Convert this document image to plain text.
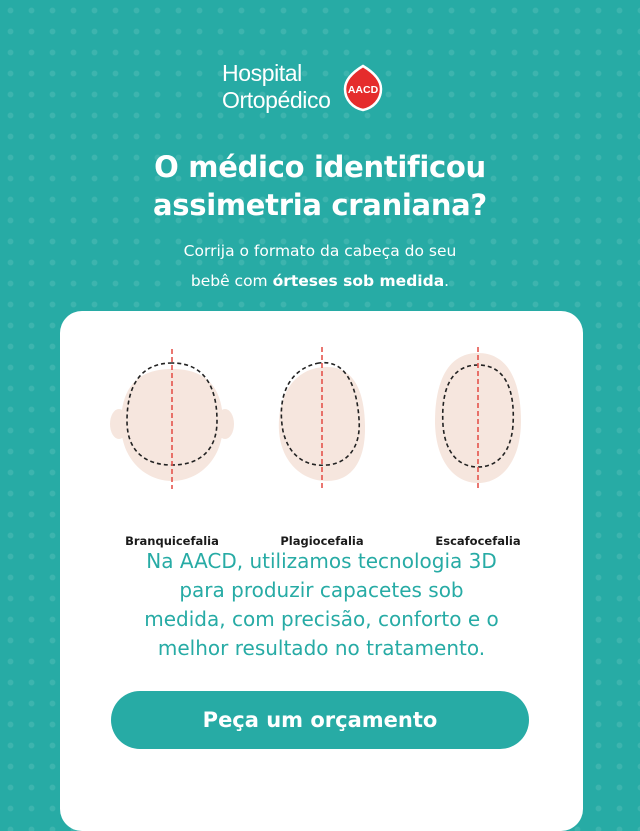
Hospital
Ortopédico AACD
O médico identificou
assimetria craniana?
Corrija o formato da cabeça do seu
bebê com órteses sob medida.
Branquicefalia	Plagiocefalia	Escafocefalia
Na AACD, utilizamos tecnologia 3D
para produzir capacetes sob
medida, com precisão, conforto e o
melhor resultado no tratamento.
Peça um orçamento
